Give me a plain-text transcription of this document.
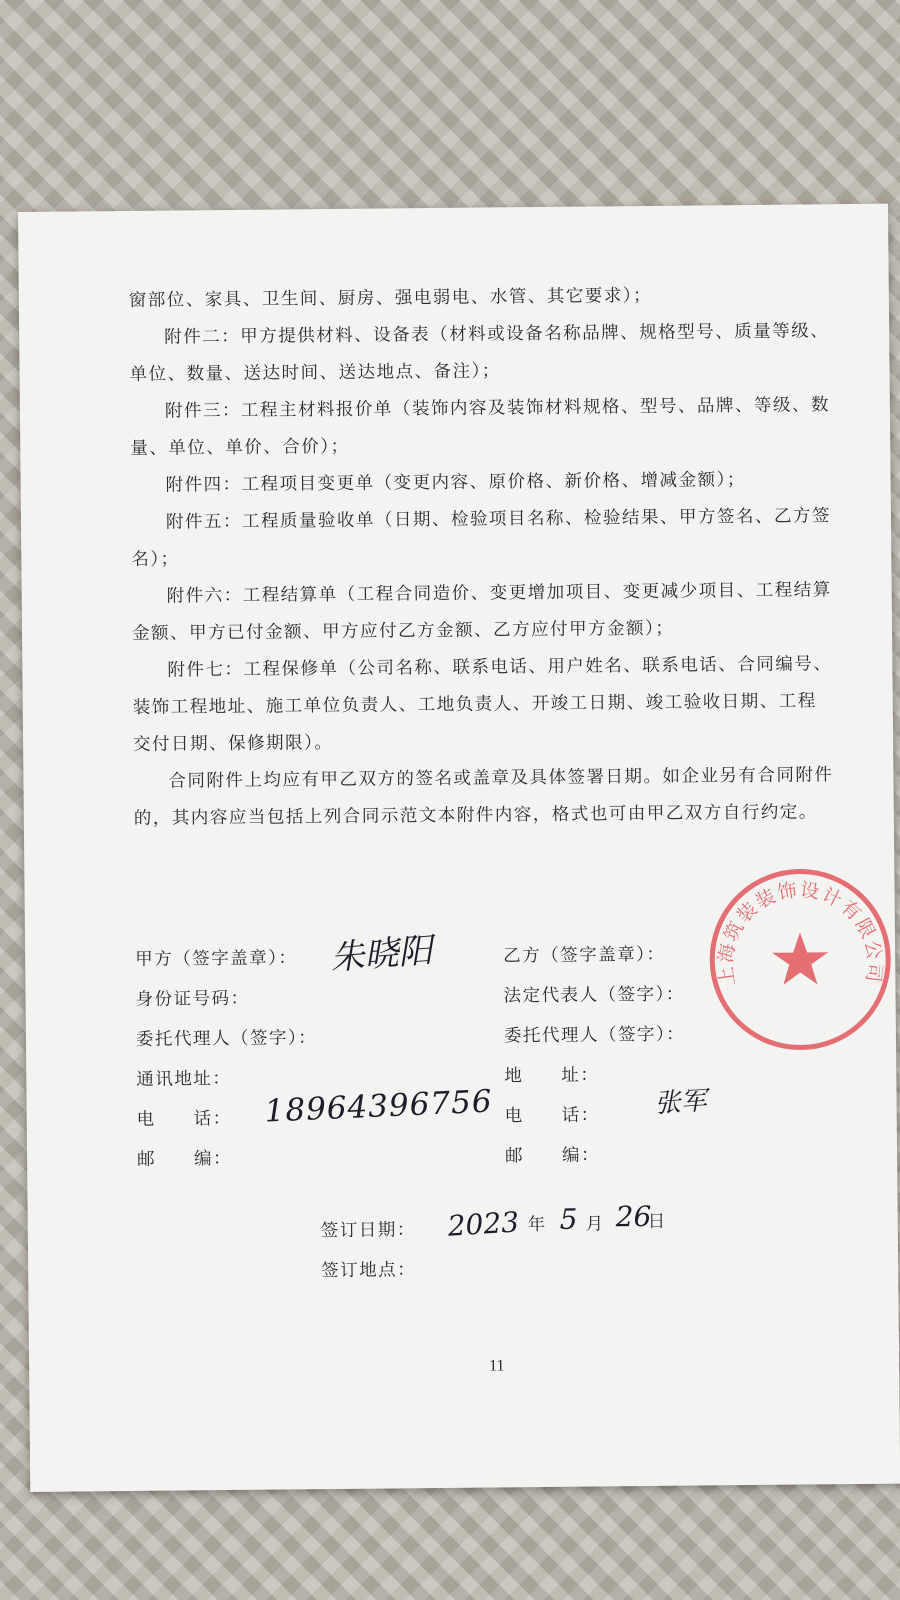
窗部位、家具、卫生间、厨房、强电弱电、水管、其它要求）；

附件二：甲方提供材料、设备表（材料或设备名称品牌、规格型号、质量等级、单位、数量、送达时间、送达地点、备注）；

附件三：工程主材料报价单（装饰内容及装饰材料规格、型号、品牌、等级、数量、单位、单价、合价）；

附件四：工程项目变更单（变更内容、原价格、新价格、增减金额）；

附件五：工程质量验收单（日期、检验项目名称、检验结果、甲方签名、乙方签名）；

附件六：工程结算单（工程合同造价、变更增加项目、变更减少项目、工程结算金额、甲方已付金额、甲方应付乙方金额、乙方应付甲方金额）；

附件七：工程保修单（公司名称、联系电话、用户姓名、联系电话、合同编号、装饰工程地址、施工单位负责人、工地负责人、开竣工日期、竣工验收日期、工程交付日期、保修期限）。

合同附件上均应有甲乙双方的签名或盖章及具体签署日期。如企业另有合同附件的，其内容应当包括上列合同示范文本附件内容，格式也可由甲乙双方自行约定。

甲方（签字盖章）： 朱晓阳
身份证号码：
委托代理人（签字）：
通讯地址：
电　　话： 18964396756
邮　　编：
乙方（签字盖章）：
法定代表人（签字）：
委托代理人（签字）：
地　　址：
电　　话： 张军
邮　　编：
签订日期： 2023 年 5 月 26
日
签订地点：
11
上海筑装装饰设计有限公司
